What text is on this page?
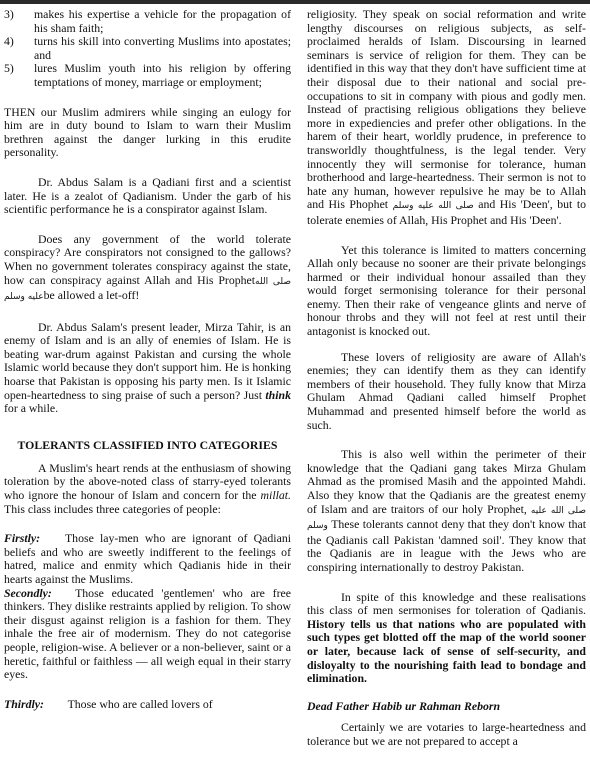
3)	makes his expertise a vehicle for the propagation of his sham faith;
4)	turns his skill into converting Muslims into apostates; and
5)	lures Muslim youth into his religion by offering temptations of money, marriage or employment;

THEN our Muslim admirers while singing an eulogy for him are in duty bound to Islam to warn their Muslim brethren against the danger lurking in this erudite personality.

Dr. Abdus Salam is a Qadiani first and a scientist later. He is a zealot of Qadianism. Under the garb of his scientific performance he is a conspirator against Islam.

Does any government of the world tolerate conspiracy? Are conspirators not consigned to the gallows? When no government tolerates conspiracy against the state, how can conspiracy against Allah and His Prophetصلى الله عليه وسلمbe allowed a let-off!

Dr. Abdus Salam's present leader, Mirza Tahir, is an enemy of Islam and is an ally of enemies of Islam. He is beating war-drum against Pakistan and cursing the whole Islamic world because they don't support him. He is honking hoarse that Pakistan is opposing his party men. Is it Islamic open-heartedness to sing praise of such a person? Just think for a while.

TOLERANTS CLASSIFIED INTO CATEGORIES

A Muslim's heart rends at the enthusiasm of showing toleration by the above-noted class of starry-eyed tolerants who ignore the honour of Islam and concern for the millat. This class includes three categories of people:

Firstly: Those lay-men who are ignorant of Qadiani beliefs and who are sweetly indifferent to the feelings of hatred, malice and enmity which Qadianis hide in their hearts against the Muslims.

Secondly: Those educated 'gentlemen' who are free thinkers. They dislike restraints applied by religion. To show their disgust against religion is a fashion for them. They inhale the free air of modernism. They do not categorise people, religion-wise. A believer or a non-believer, saint or a heretic, faithful or faithless — all weigh equal in their starry eyes.

Thirdly: Those who are called lovers of

religiosity. They speak on social reformation and write lengthy discourses on religious subjects, as self-proclaimed heralds of Islam. Discoursing in learned seminars is service of religion for them. They can be identified in this way that they don't have sufficient time at their disposal due to their national and social pre-occupations to sit in company with pious and godly men. Instead of practising religious obligations they believe more in expediencies and prefer other obligations. In the harem of their heart, worldly prudence, in preference to transworldly thoughtfulness, is the legal tender. Very innocently they will sermonise for tolerance, human brotherhood and large-heartedness. Their sermon is not to hate any human, however repulsive he may be to Allah and His Phophet صلى الله عليه وسلم and His 'Deen', but to tolerate enemies of Allah, His Prophet and His 'Deen'.

Yet this tolerance is limited to matters concerning Allah only because no sooner are their private belongings harmed or their individual honour assailed than they would forget sermonising tolerance for their personal enemy. Then their rake of vengeance glints and nerve of honour throbs and they will not feel at rest until their antagonist is knocked out.

These lovers of religiosity are aware of Allah's enemies; they can identify them as they can identify members of their household. They fully know that Mirza Ghulam Ahmad Qadiani called himself Prophet Muhammad and presented himself before the world as such.

This is also well within the perimeter of their knowledge that the Qadiani gang takes Mirza Ghulam Ahmad as the promised Masih and the appointed Mahdi. Also they know that the Qadianis are the greatest enemy of Islam and are traitors of our holy Prophet, صلى الله عليه وسلم These tolerants cannot deny that they don't know that the Qadianis call Pakistan 'damned soil'. They know that the Qadianis are in league with the Jews who are conspiring internationally to destroy Pakistan.

In spite of this knowledge and these realisations this class of men sermonises for toleration of Qadianis. History tells us that nations who are populated with such types get blotted off the map of the world sooner or later, because lack of sense of self-security, and disloyalty to the nourishing faith lead to bondage and elimination.

Dead Father Habib ur Rahman Reborn

Certainly we are votaries to large-heartedness and tolerance but we are not prepared to accept a
